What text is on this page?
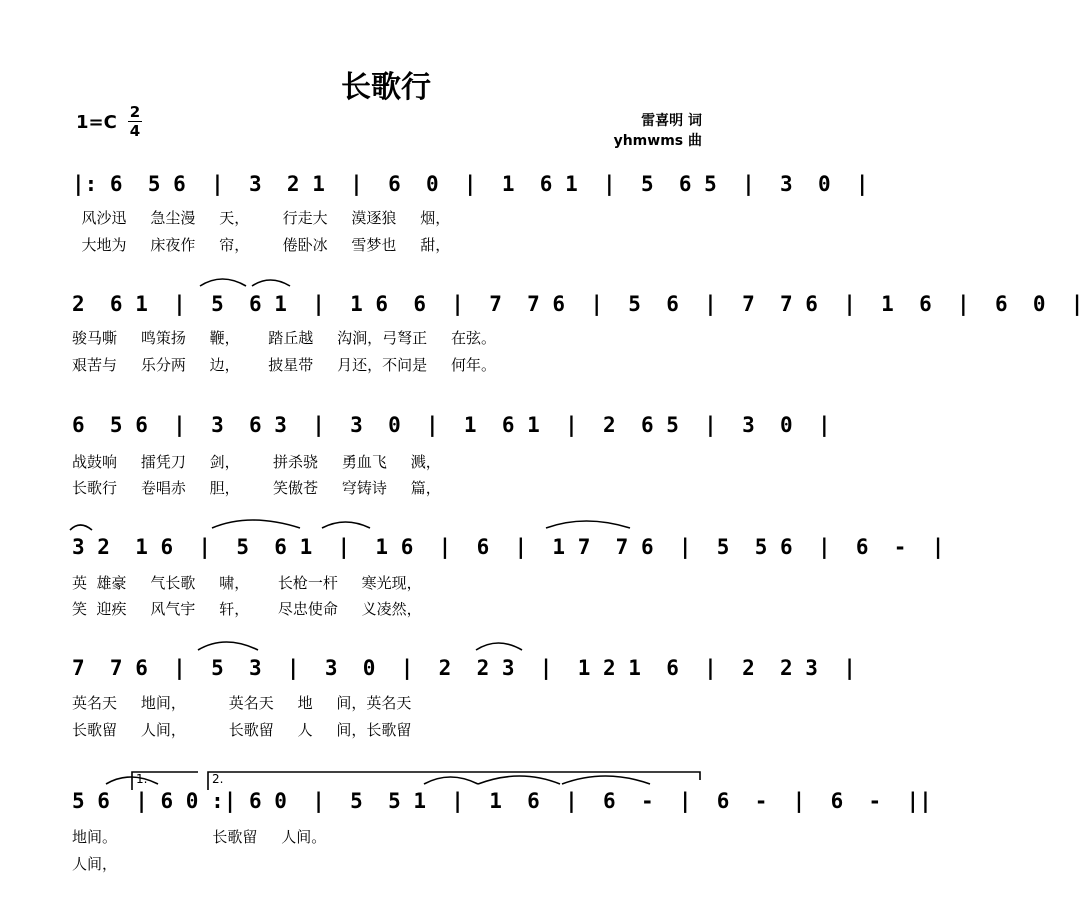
长歌行
1=C 2
4
雷喜明 词
yhmwms 曲
|: 6  5 6  |  3  2 1  |  6  0  |  1  6 1  |  5  6 5  |  3  0  |
风沙迅     急尘漫     天，       行走大     漠逐狼     烟，
大地为     床夜作     帘，       倦卧冰     雪梦也     甜，
2  6 1  |  5  6 1  |  1 6  6  |  7  7 6  |  5  6  |  7  7 6  |  1  6  |  6  0  |
骏马嘶     鸣策扬     鞭，      踏丘越     沟涧，弓弩正     在弦。
艰苦与     乐分两     边，      披星带     月还，不问是     何年。
6  5 6  |  3  6 3  |  3  0  |  1  6 1  |  2  6 5  |  3  0  |
战鼓响     擂凭刀     剑，       拼杀骁     勇血飞     溅，
长歌行     卷唱赤     胆，       笑傲苍     穹铸诗     篇，
3 2  1 6  |  5  6 1  |  1 6  |  6  |  1 7  7 6  |  5  5 6  |  6  -  |
英  雄豪     气长歌     啸，      长枪一杆     寒光现，
笑  迎疾     风气宇     轩，      尽忠使命     义凌然，
7  7 6  |  5  3  |  3  0  |  2  2 3  |  1 2 1  6  |  2  2 3  |
英名天     地间，         英名天     地     间，英名天
长歌留     人间，         长歌留     人     间，长歌留
1.	2.
5 6  | 6 0 :| 6 0  |  5  5 1  |  1  6  |  6  -  |  6  -  |  6  -  ||
地间。                    长歌留     人间。
人间，
